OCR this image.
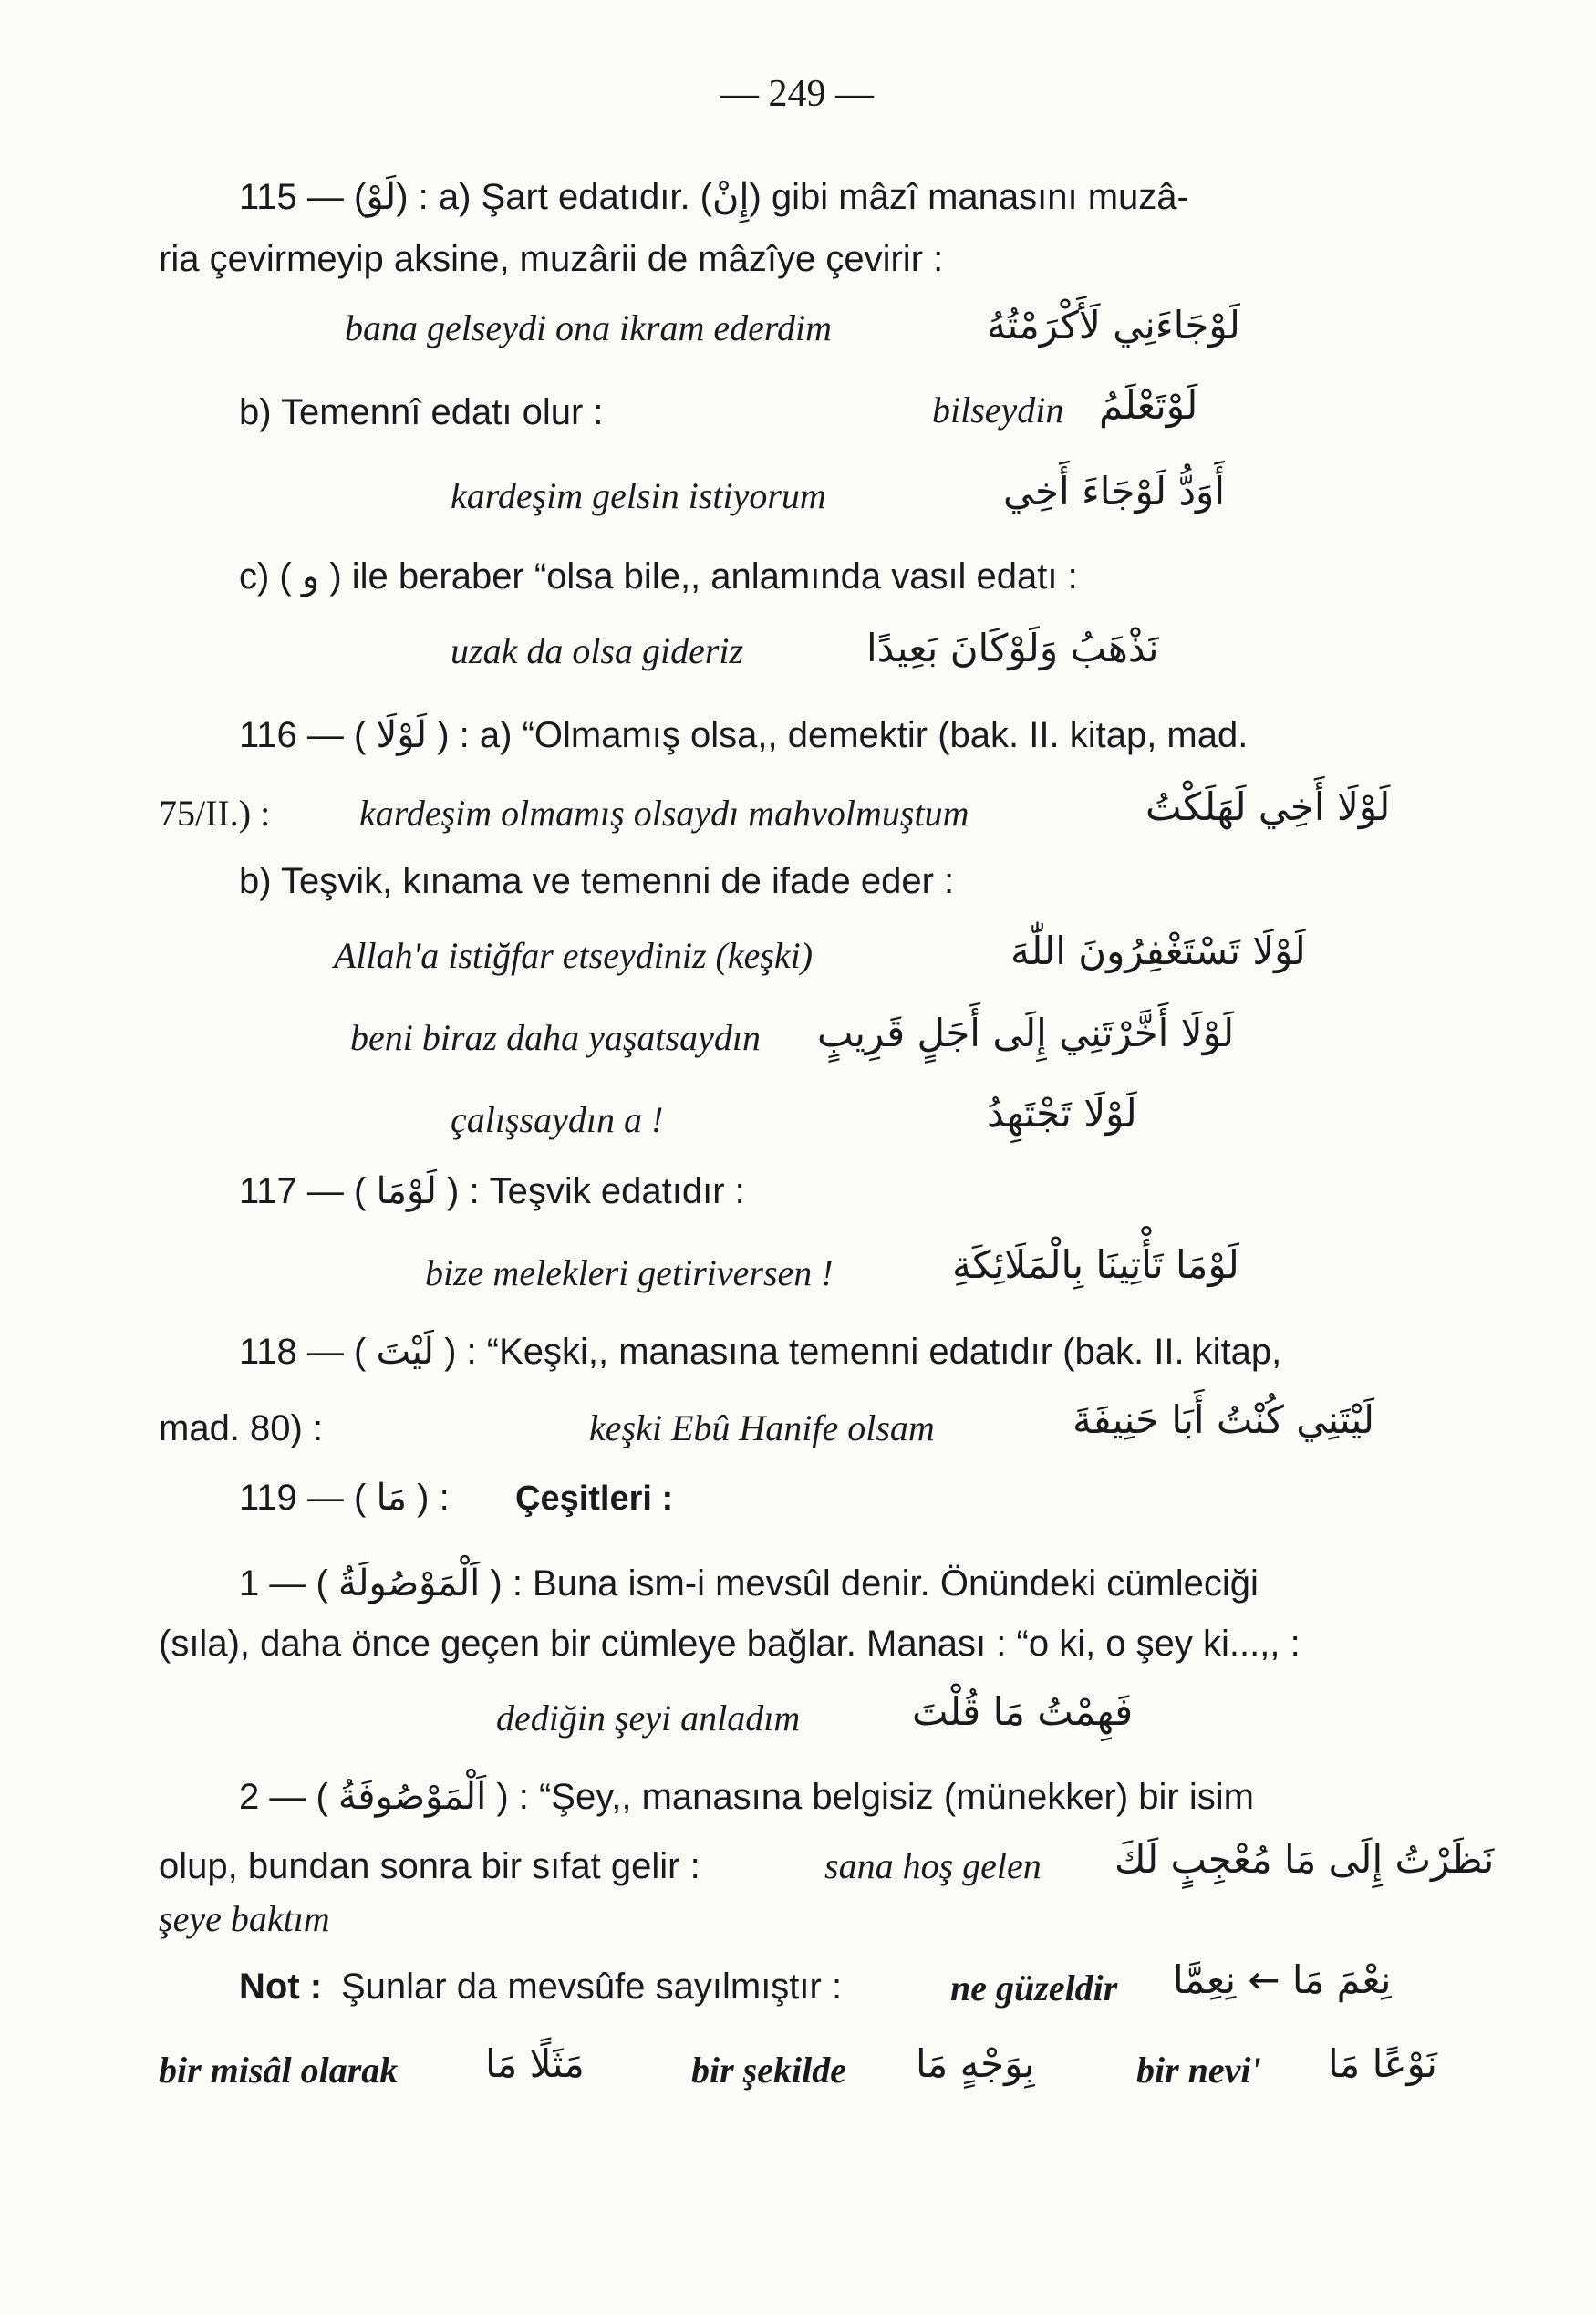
— 249 —
115 — (لَوْ) : a) Şart edatıdır. (إِنْ) gibi mâzî manasını muzâ-
ria çevirmeyip aksine, muzârii de mâzîye çevirir :
bana gelseydi ona ikram ederdim	لَوْجَاءَنِي لَأَكْرَمْتُهُ
b) Temennî edatı olur :	bilseydin لَوْتَعْلَمُ
kardeşim gelsin istiyorum	أَوَدُّ لَوْجَاءَ أَخِي
c) ( و ) ile beraber “olsa bile,, anlamında vasıl edatı :
uzak da olsa gideriz	نَذْهَبُ وَلَوْكَانَ بَعِيدًا
116 — ( لَوْلَا ) : a) “Olmamış olsa,, demektir (bak. II. kitap, mad.
75/II.) : kardeşim olmamış olsaydı mahvolmuştum	لَوْلَا أَخِي لَهَلَكْتُ
b) Teşvik, kınama ve temenni de ifade eder :
Allah'a istiğfar etseydiniz (keşki)	لَوْلَا تَسْتَغْفِرُونَ اللّٰهَ
beni biraz daha yaşatsaydın لَوْلَا أَخَّرْتَنِي إِلَى أَجَلٍ قَرِيبٍ
çalışsaydın a !	لَوْلَا تَجْتَهِدُ
117 — ( لَوْمَا ) : Teşvik edatıdır :
bize melekleri getiriversen !	لَوْمَا تَأْتِينَا بِالْمَلَائِكَةِ
118 — ( لَيْتَ ) : “Keşki,, manasına temenni edatıdır (bak. II. kitap,
mad. 80) :	keşki Ebû Hanife olsam	لَيْتَنِي كُنْتُ أَبَا حَنِيفَةَ
119 — ( مَا ) : Çeşitleri :
1 — ( اَلْمَوْصُولَةُ ) : Buna ism-i mevsûl denir. Önündeki cümleciği
(sıla), daha önce geçen bir cümleye bağlar. Manası : “o ki, o şey ki...,, :
dediğin şeyi anladım	فَهِمْتُ مَا قُلْتَ
2 — ( اَلْمَوْصُوفَةُ ) : “Şey,, manasına belgisiz (münekker) bir isim
olup, bundan sonra bir sıfat gelir :	sana hoş gelen نَظَرْتُ إِلَى مَا مُعْجِبٍ لَكَ
şeye baktım
Not : Şunlar da mevsûfe sayılmıştır :	ne güzeldir نِعْمَ مَا ← نِعِمَّا
bir misâl olarak مَثَلًا مَا	bir şekilde بِوَجْهٍ مَا	bir nevi' نَوْعًا مَا
